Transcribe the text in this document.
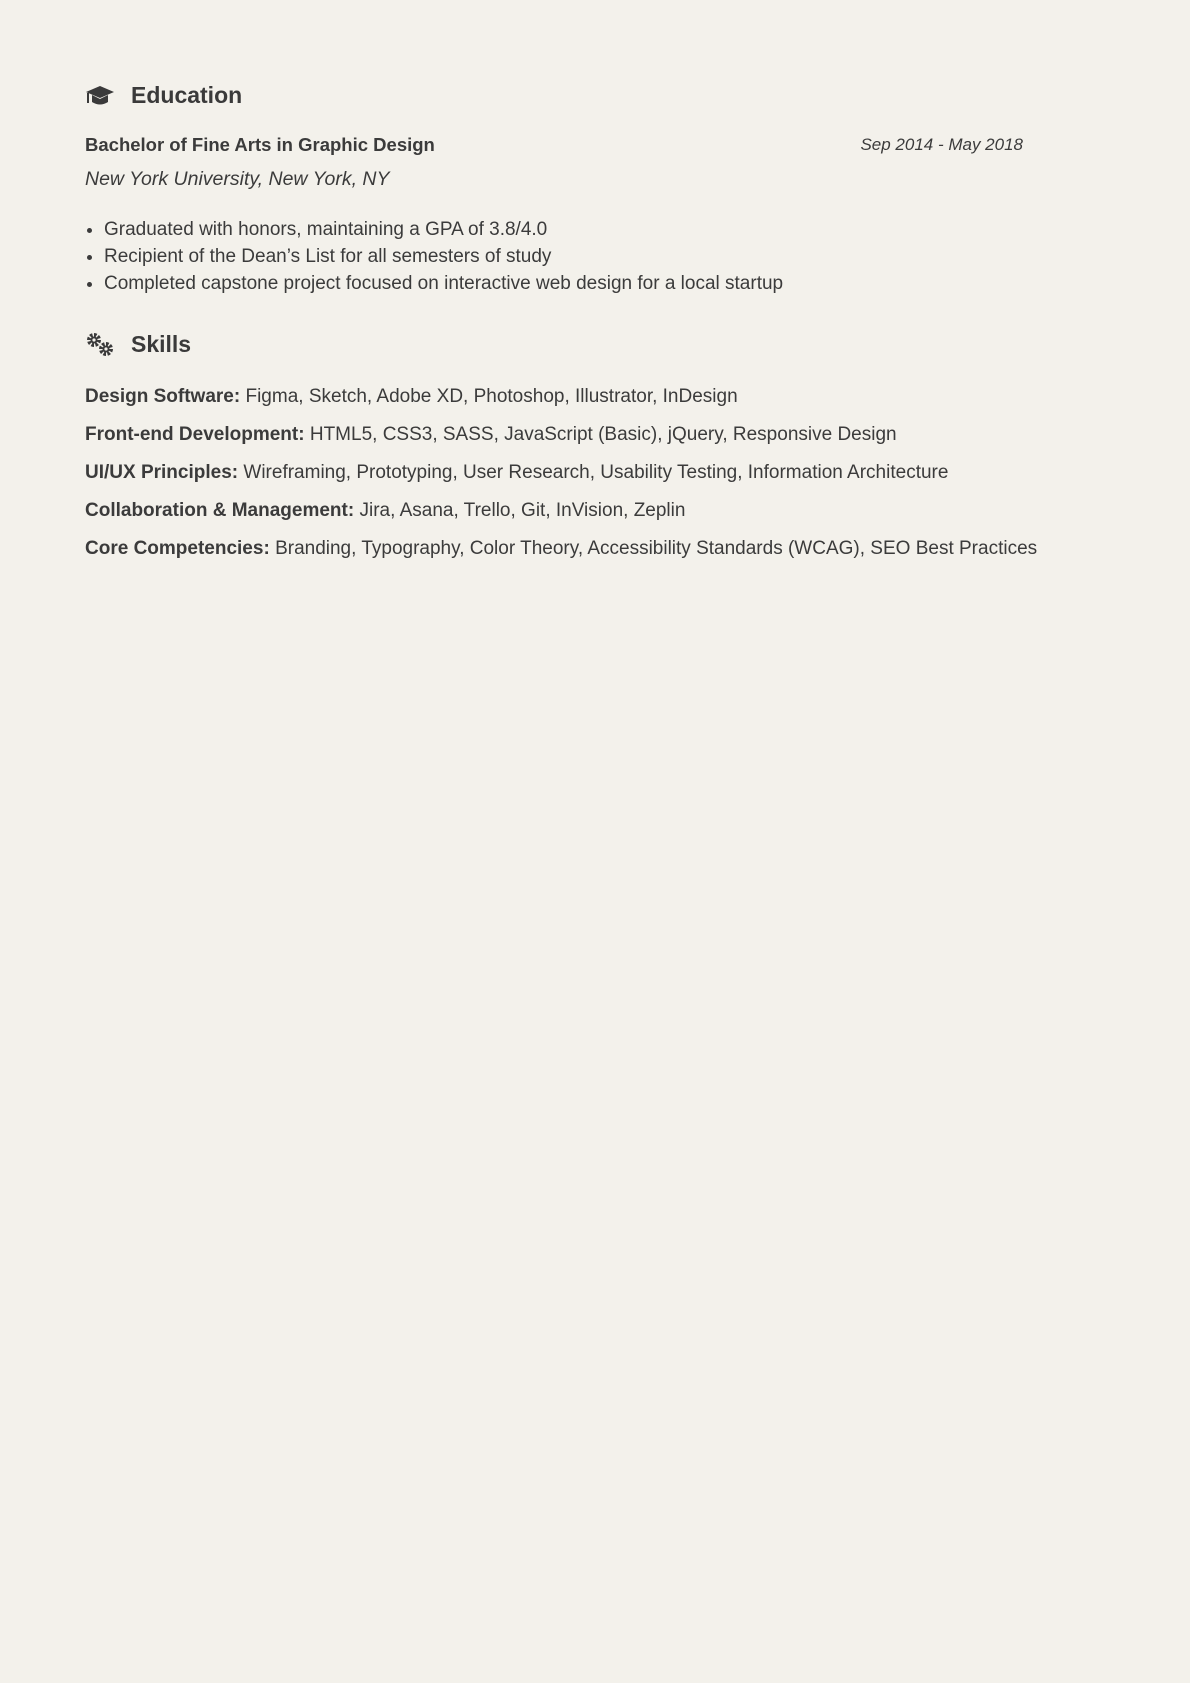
Education
Bachelor of Fine Arts in Graphic Design	Sep 2014 - May 2018
New York University, New York, NY
• Graduated with honors, maintaining a GPA of 3.8/4.0
• Recipient of the Dean’s List for all semesters of study
• Completed capstone project focused on interactive web design for a local startup
Skills
Design Software: Figma, Sketch, Adobe XD, Photoshop, Illustrator, InDesign
Front-end Development: HTML5, CSS3, SASS, JavaScript (Basic), jQuery, Responsive Design
UI/UX Principles: Wireframing, Prototyping, User Research, Usability Testing, Information Architecture
Collaboration & Management: Jira, Asana, Trello, Git, InVision, Zeplin
Core Competencies: Branding, Typography, Color Theory, Accessibility Standards (WCAG), SEO Best Practices
